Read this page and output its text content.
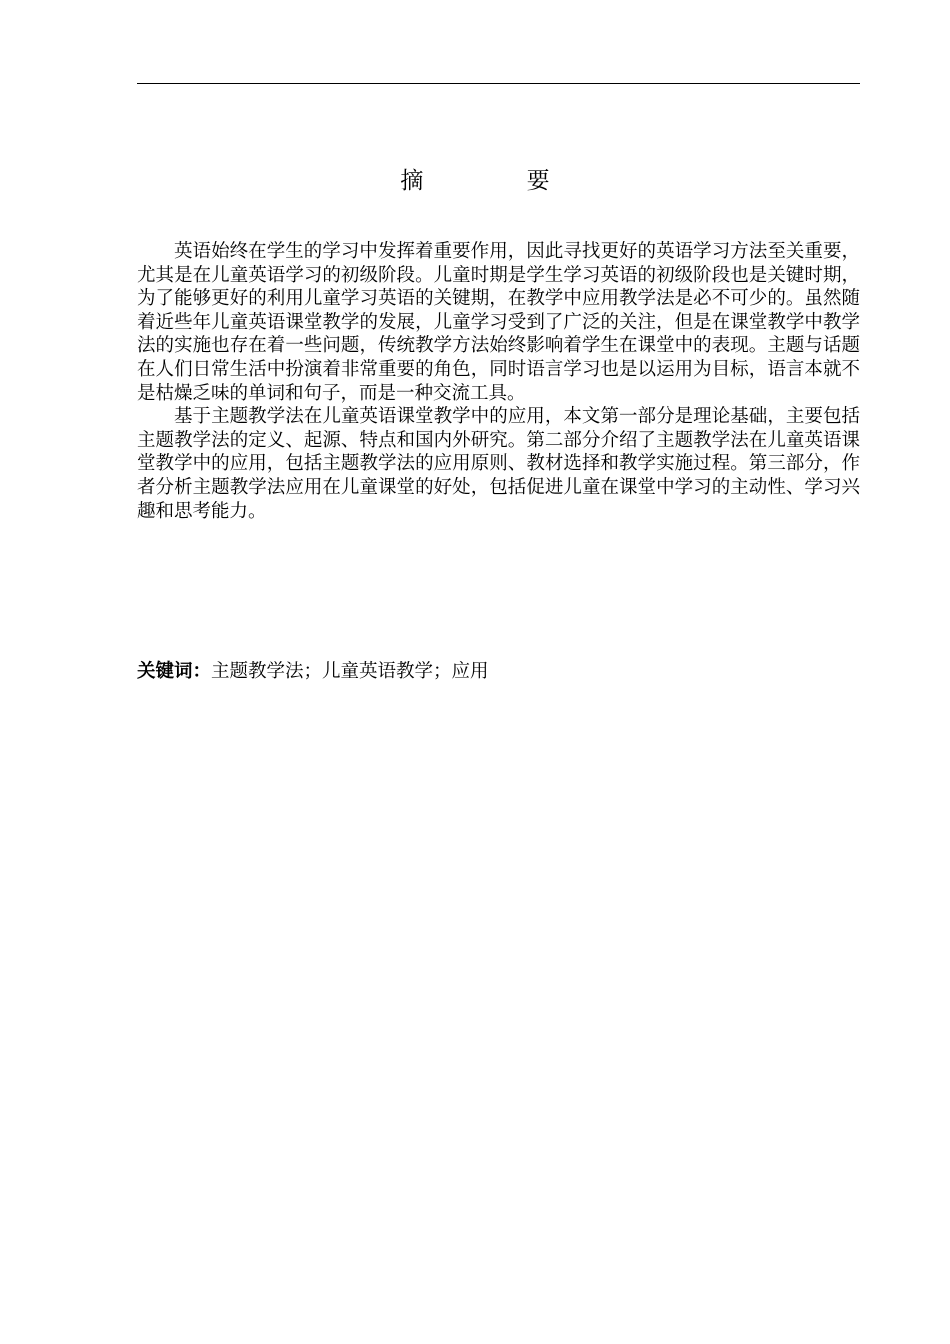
摘 要

英语始终在学生的学习中发挥着重要作用，因此寻找更好的英语学习方法至关重要，尤其是在儿童英语学习的初级阶段。儿童时期是学生学习英语的初级阶段也是关键时期，为了能够更好的利用儿童学习英语的关键期，在教学中应用教学法是必不可少的。虽然随着近些年儿童英语课堂教学的发展，儿童学习受到了广泛的关注，但是在课堂教学中教学法的实施也存在着一些问题，传统教学方法始终影响着学生在课堂中的表现。主题与话题在人们日常生活中扮演着非常重要的角色，同时语言学习也是以运用为目标，语言本就不是枯燥乏味的单词和句子，而是一种交流工具。

基于主题教学法在儿童英语课堂教学中的应用，本文第一部分是理论基础，主要包括主题教学法的定义、起源、特点和国内外研究。第二部分介绍了主题教学法在儿童英语课堂教学中的应用，包括主题教学法的应用原则、教材选择和教学实施过程。第三部分，作者分析主题教学法应用在儿童课堂的好处，包括促进儿童在课堂中学习的主动性、学习兴趣和思考能力。

关键词：主题教学法；儿童英语教学；应用
